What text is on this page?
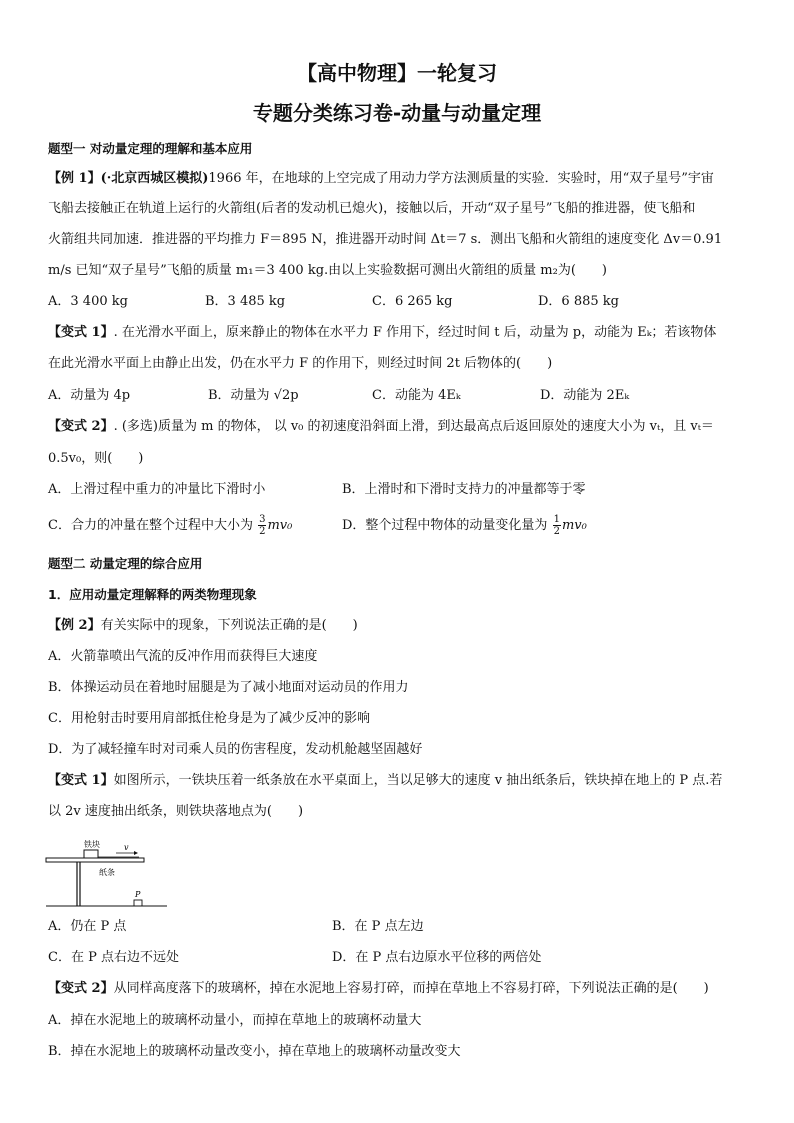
【高中物理】一轮复习
专题分类练习卷-动量与动量定理
题型一 对动量定理的理解和基本应用
【例 1】(·北京西城区模拟)1966 年，在地球的上空完成了用动力学方法测质量的实验．实验时，用“双子星号”宇宙
飞船去接触正在轨道上运行的火箭组(后者的发动机已熄火)，接触以后，开动“双子星号”飞船的推进器，使飞船和
火箭组共同加速．推进器的平均推力 F＝895 N，推进器开动时间 Δt＝7 s．测出飞船和火箭组的速度变化 Δv＝0.91
m/s 已知“双子星号”飞船的质量 m₁＝3 400 kg.由以上实验数据可测出火箭组的质量 m₂为(　　)
A．3 400 kg	B．3 485 kg	C．6 265 kg	D．6 885 kg
【变式 1】. 在光滑水平面上，原来静止的物体在水平力 F 作用下，经过时间 t 后，动量为 p，动能为 Eₖ；若该物体
在此光滑水平面上由静止出发，仍在水平力 F 的作用下，则经过时间 2t 后物体的(　　)
A．动量为 4p	B．动量为 √2p	C．动能为 4Eₖ	D．动能为 2Eₖ
【变式 2】. (多选)质量为 m 的物体， 以 v₀ 的初速度沿斜面上滑，到达最高点后返回原处的速度大小为 vₜ，且 vₜ＝
0.5v₀，则(　　)
A．上滑过程中重力的冲量比下滑时小	B．上滑时和下滑时支持力的冲量都等于零
C．合力的冲量在整个过程中大小为 $\frac{3}{2} mv_0$	D．整个过程中物体的动量变化量为 $\frac{1}{2} mv_0$
题型二 动量定理的综合应用
1．应用动量定理解释的两类物理现象
【例 2】有关实际中的现象，下列说法正确的是(　　)
A．火箭靠喷出气流的反冲作用而获得巨大速度
B．体操运动员在着地时屈腿是为了减小地面对运动员的作用力
C．用枪射击时要用肩部抵住枪身是为了减少反冲的影响
D．为了减轻撞车时对司乘人员的伤害程度，发动机舱越坚固越好
【变式 1】如图所示，一铁块压着一纸条放在水平桌面上，当以足够大的速度 v 抽出纸条后，铁块掉在地上的 P 点.若
以 2v 速度抽出纸条，则铁块落地点为(　　)
铁块
纸条
v
P
A．仍在 P 点	B．在 P 点左边
C．在 P 点右边不远处	D．在 P 点右边原水平位移的两倍处
【变式 2】从同样高度落下的玻璃杯，掉在水泥地上容易打碎，而掉在草地上不容易打碎，下列说法正确的是(　　)
A．掉在水泥地上的玻璃杯动量小，而掉在草地上的玻璃杯动量大
B．掉在水泥地上的玻璃杯动量改变小，掉在草地上的玻璃杯动量改变大
